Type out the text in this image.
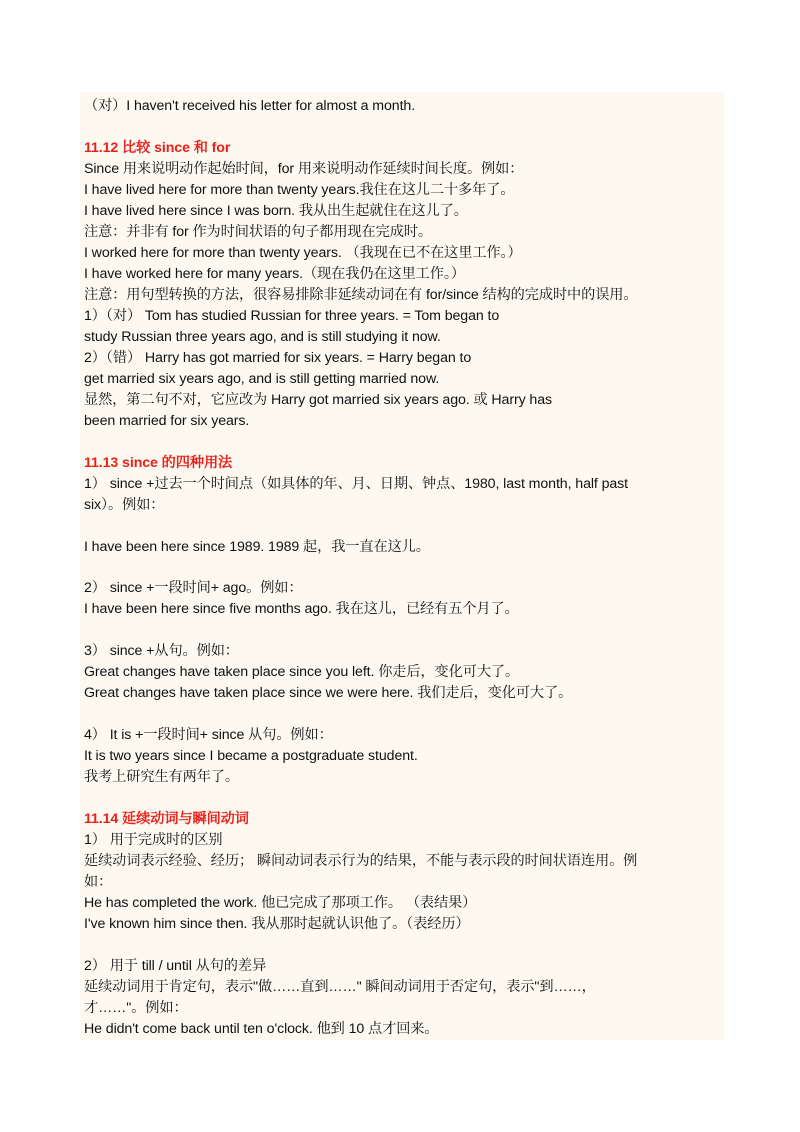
（对）I haven't received his letter for almost a month.
11.12 比较 since 和 for
Since 用来说明动作起始时间，for 用来说明动作延续时间长度。例如：
I have lived here for more than twenty years.我住在这儿二十多年了。
I have lived here since I was born. 我从出生起就住在这儿了。
注意：并非有 for 作为时间状语的句子都用现在完成时。
I worked here for more than twenty years. （我现在已不在这里工作。）
I have worked here for many years.（现在我仍在这里工作。）
注意：用句型转换的方法，很容易排除非延续动词在有 for/since 结构的完成时中的误用。
1）（对） Tom has studied Russian for three years. = Tom began to
study Russian three years ago, and is still studying it now.
2）（错） Harry has got married for six years. = Harry began to
get married six years ago, and is still getting married now.
显然，第二句不对，它应改为 Harry got married six years ago. 或 Harry has
been married for six years.
11.13 since 的四种用法
1） since +过去一个时间点（如具体的年、月、日期、钟点、1980, last month, half past
six）。例如：
I have been here since 1989. 1989 起，我一直在这儿。
2） since +一段时间+ ago。例如：
I have been here since five months ago. 我在这儿，已经有五个月了。
3） since +从句。例如：
Great changes have taken place since you left. 你走后，变化可大了。
Great changes have taken place since we were here. 我们走后，变化可大了。
4） It is +一段时间+ since 从句。例如：
It is two years since I became a postgraduate student.
我考上研究生有两年了。
11.14 延续动词与瞬间动词
1） 用于完成时的区别
延续动词表示经验、经历； 瞬间动词表示行为的结果，不能与表示段的时间状语连用。例
如：
He has completed the work. 他已完成了那项工作。 （表结果）
I've known him since then. 我从那时起就认识他了。（表经历）
2） 用于 till / until 从句的差异
延续动词用于肯定句，表示"做……直到……" 瞬间动词用于否定句，表示"到……，
才……"。例如：
He didn't come back until ten o'clock. 他到 10 点才回来。
